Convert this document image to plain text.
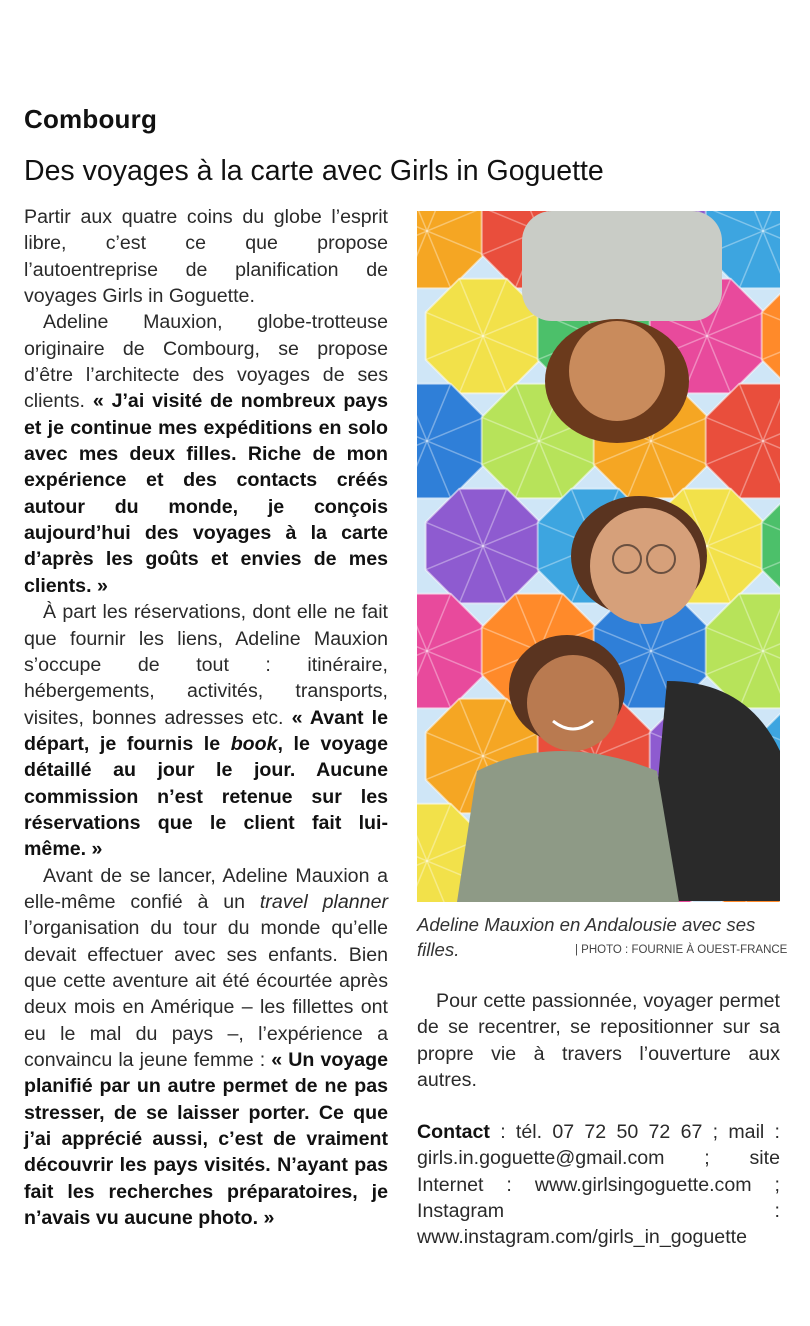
Combourg
Des voyages à la carte avec Girls in Goguette

Partir aux quatre coins du globe l’esprit libre, c’est ce que propose l’autoentreprise de planification de voyages Girls in Goguette.

Adeline Mauxion, globe-trotteuse originaire de Combourg, se propose d’être l’architecte des voyages de ses clients. « J’ai visité de nombreux pays et je continue mes expéditions en solo avec mes deux filles. Riche de mon expérience et des contacts créés autour du monde, je conçois aujourd’hui des voyages à la carte d’après les goûts et envies de mes clients. »

À part les réservations, dont elle ne fait que fournir les liens, Adeline Mauxion s’occupe de tout : itinéraire, hébergements, activités, transports, visites, bonnes adresses etc. « Avant le départ, je fournis le book, le voyage détaillé au jour le jour. Aucune commission n’est retenue sur les réservations que le client fait lui-même. »

Avant de se lancer, Adeline Mauxion a elle-même confié à un travel planner l’organisation du tour du monde qu’elle devait effectuer avec ses enfants. Bien que cette aventure ait été écourtée après deux mois en Amérique – les fillettes ont eu le mal du pays –, l’expérience a convaincu la jeune femme : « Un voyage planifié par un autre permet de ne pas stresser, de se laisser porter. Ce que j’ai apprécié aussi, c’est de vraiment découvrir les pays visités. N’ayant pas fait les recherches préparatoires, je n’avais vu aucune photo. »

Adeline Mauxion en Andalousie avec ses filles.	| PHOTO : FOURNIE À OUEST-FRANCE

Pour cette passionnée, voyager permet de se recentrer, se repositionner sur sa propre vie à travers l’ouverture aux autres.

Contact : tél. 07 72 50 72 67 ; mail : girls.in.goguette@gmail.com ; site Internet : www.girlsingoguette.com ; Instagram : www.instagram.com/girls_in_goguette
